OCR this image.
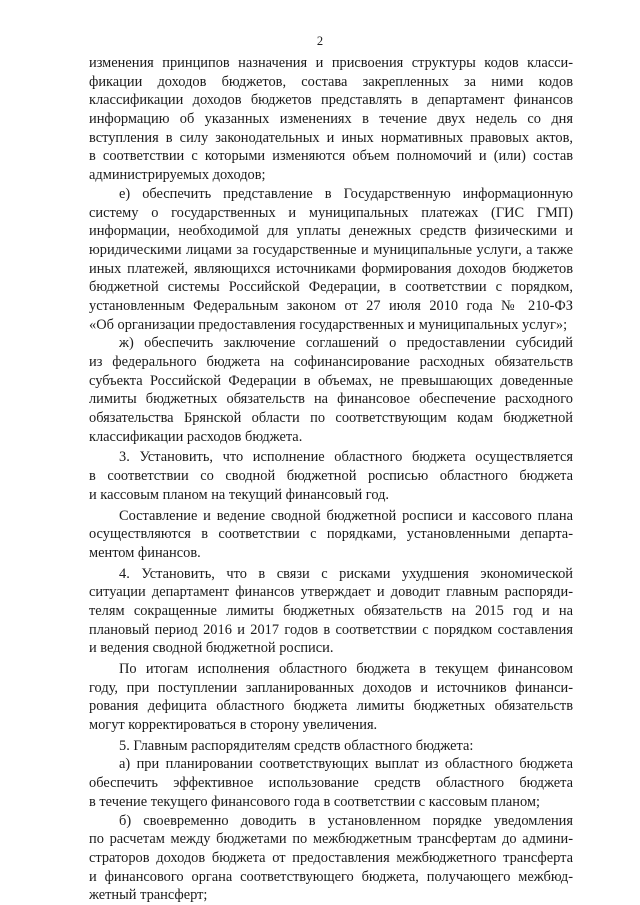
2
изменения принципов назначения и присвоения структуры кодов класси-
фикации доходов бюджетов, состава закрепленных за ними кодов
классификации доходов бюджетов представлять в департамент финансов
информацию об указанных изменениях в течение двух недель со дня
вступления в силу законодательных и иных нормативных правовых актов,
в соответствии с которыми изменяются объем полномочий и (или) состав
администрируемых доходов;
е) обеспечить представление в Государственную информационную
систему о государственных и муниципальных платежах (ГИС ГМП)
информации, необходимой для уплаты денежных средств физическими и
юридическими лицами за государственные и муниципальные услуги, а также
иных платежей, являющихся источниками формирования доходов бюджетов
бюджетной системы Российской Федерации, в соответствии с порядком,
установленным Федеральным законом от 27 июля 2010 года № 210-ФЗ
«Об организации предоставления государственных и муниципальных услуг»;
ж) обеспечить заключение соглашений о предоставлении субсидий
из федерального бюджета на софинансирование расходных обязательств
субъекта Российской Федерации в объемах, не превышающих доведенные
лимиты бюджетных обязательств на финансовое обеспечение расходного
обязательства Брянской области по соответствующим кодам бюджетной
классификации расходов бюджета.
3. Установить, что исполнение областного бюджета осуществляется
в соответствии со сводной бюджетной росписью областного бюджета
и кассовым планом на текущий финансовый год.
Составление и ведение сводной бюджетной росписи и кассового плана
осуществляются в соответствии с порядками, установленными департа-
ментом финансов.
4. Установить, что в связи с рисками ухудшения экономической
ситуации департамент финансов утверждает и доводит главным распоряди-
телям сокращенные лимиты бюджетных обязательств на 2015 год и на
плановый период 2016 и 2017 годов в соответствии с порядком составления
и ведения сводной бюджетной росписи.
По итогам исполнения областного бюджета в текущем финансовом
году, при поступлении запланированных доходов и источников финанси-
рования дефицита областного бюджета лимиты бюджетных обязательств
могут корректироваться в сторону увеличения.
5. Главным распорядителям средств областного бюджета:
а) при планировании соответствующих выплат из областного бюджета
обеспечить эффективное использование средств областного бюджета
в течение текущего финансового года в соответствии с кассовым планом;
б) своевременно доводить в установленном порядке уведомления
по расчетам между бюджетами по межбюджетным трансфертам до админи-
страторов доходов бюджета от предоставления межбюджетного трансферта
и финансового органа соответствующего бюджета, получающего межбюд-
жетный трансферт;
